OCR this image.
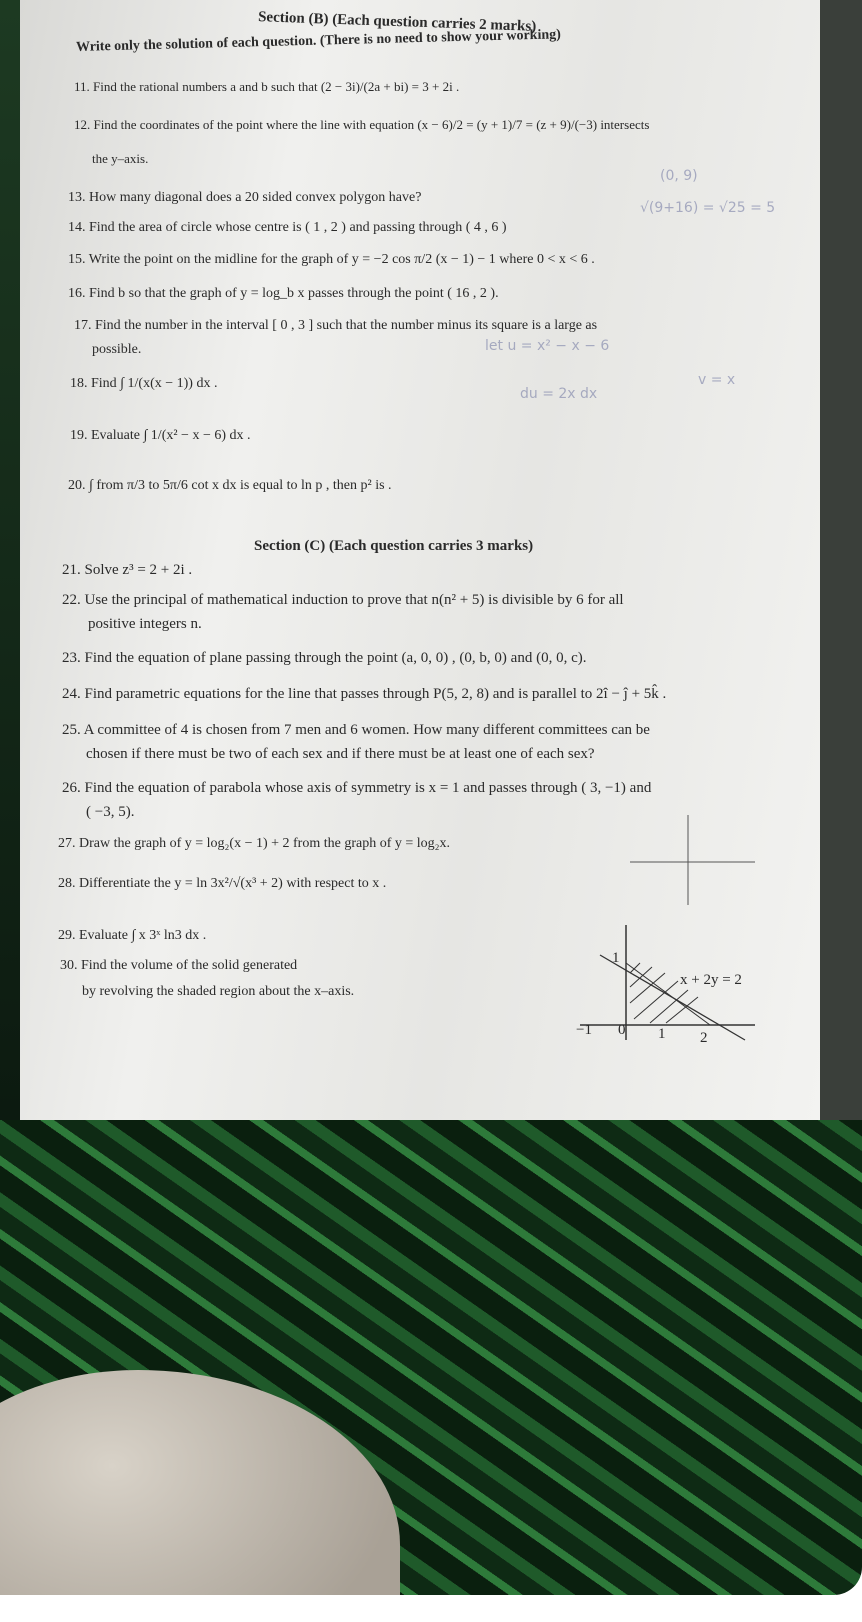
Section (B) (Each question carries 2 marks)
Write only the solution of each question. (There is no need to show your working)
11. Find the rational numbers a and b such that (2 − 3i)/(2a + bi) = 3 + 2i .
12. Find the coordinates of the point where the line with equation (x − 6)/2 = (y + 1)/7 = (z + 9)/(−3) intersects
the y–axis.
13. How many diagonal does a 20 sided convex polygon have?
14. Find the area of circle whose centre is ( 1 , 2 ) and passing through ( 4 , 6 )
15. Write the point on the midline for the graph of y = −2 cos π/2 (x − 1) − 1 where 0 < x < 6 .
16. Find b so that the graph of y = log_b x passes through the point ( 16 , 2 ).
17. Find the number in the interval [ 0 , 3 ] such that the number minus its square is a large as
possible.
18. Find ∫ 1/(x(x − 1)) dx .
19. Evaluate ∫ 1/(x² − x − 6) dx .
20. ∫ from π/3 to 5π/6 cot x dx is equal to ln p , then p² is .
Section (C) (Each question carries 3 marks)
21. Solve z³ = 2 + 2i .
22. Use the principal of mathematical induction to prove that n(n² + 5) is divisible by 6 for all
positive integers n.
23. Find the equation of plane passing through the point (a, 0, 0) , (0, b, 0) and (0, 0, c).
24. Find parametric equations for the line that passes through P(5, 2, 8) and is parallel to 2î − ĵ + 5k̂ .
25. A committee of 4 is chosen from 7 men and 6 women. How many different committees can be
chosen if there must be two of each sex and if there must be at least one of each sex?
26. Find the equation of parabola whose axis of symmetry is x = 1 and passes through ( 3, −1) and
( −3, 5).
27. Draw the graph of y = log₂(x − 1) + 2 from the graph of y = log₂x.
28. Differentiate the y = ln 3x²/√(x³ + 2) with respect to x .
29. Evaluate ∫ x 3ˣ ln3 dx .
30. Find the volume of the solid generated
by revolving the shaded region about the x–axis.
x + 2y = 2
1
−1 0 1 2
let u = x² − x − 6
du = 2x dx
v = x
(0, 9)
√(9+16) = √25 = 5
